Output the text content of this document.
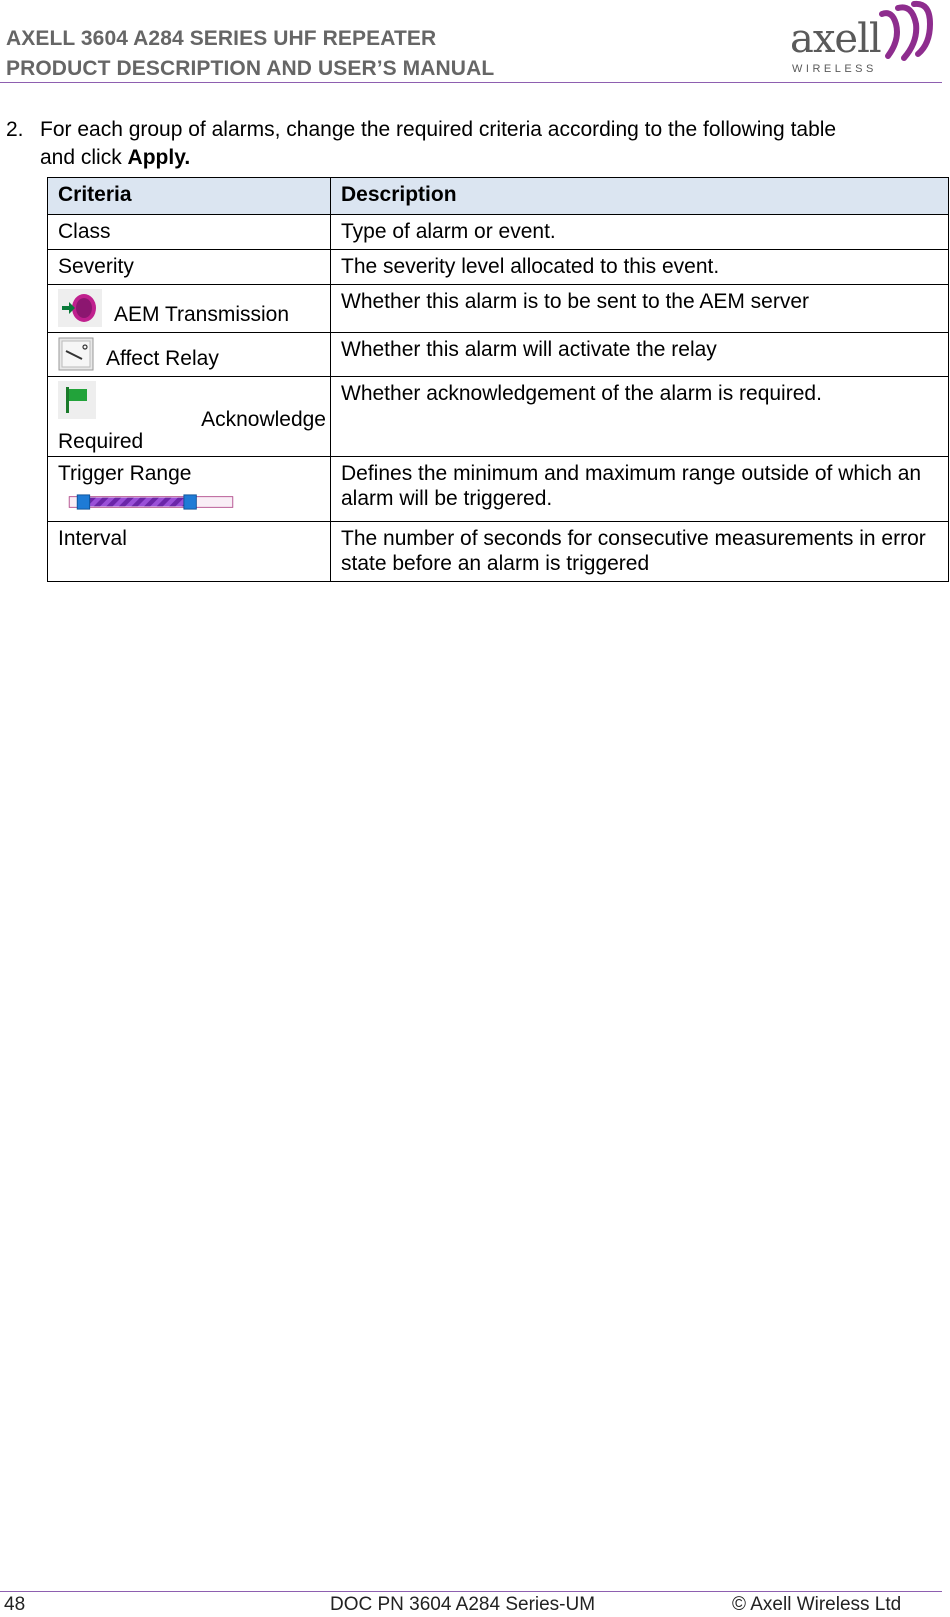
AXELL 3604 A284 SERIES UHF REPEATER
PRODUCT DESCRIPTION AND USER’S MANUAL
axell
WIRELESS
2. For each group of alarms, change the required criteria according to the following table
and click Apply.
Criteria	Description
Class	Type of alarm or event.
Severity	The severity level allocated to this event.

AEM Transmission	Whether this alarm is to be sent to the AEM server

Affect Relay	Whether this alarm will activate the relay

Acknowledge
Required	Whether acknowledgement of the alarm is required.

Trigger Range	Defines the minimum and maximum range outside of which an alarm will be triggered.
Interval	The number of seconds for consecutive measurements in error state before an alarm is triggered
48	DOC PN 3604 A284 Series-UM	© Axell Wireless Ltd
